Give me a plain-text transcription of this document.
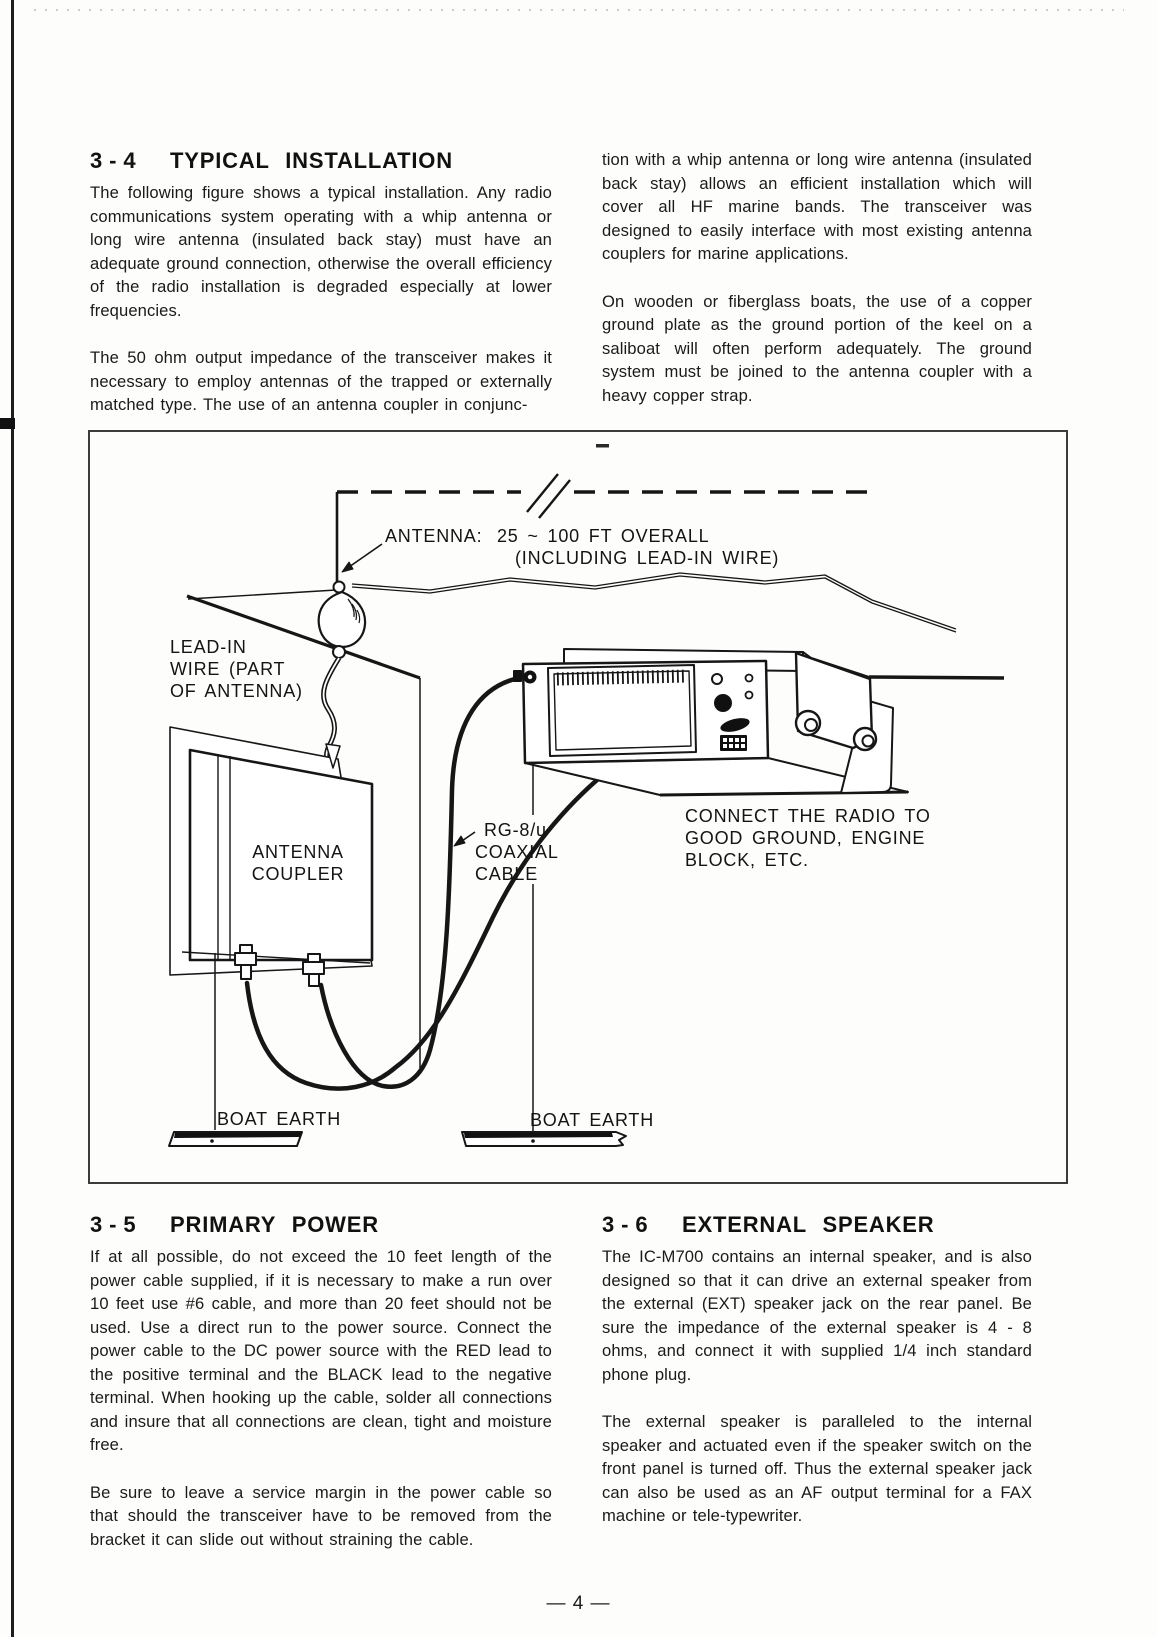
3 - 4 TYPICAL INSTALLATION

The following figure shows a typical installation. Any radio communications system operating with a whip antenna or long wire antenna (insulated back stay) must have an adequate ground connection, otherwise the overall efficiency of the radio installation is degraded especially at lower frequencies.

The 50 ohm output impedance of the transceiver makes it necessary to employ antennas of the trapped or externally matched type. The use of an antenna coupler in conjunc-

tion with a whip antenna or long wire antenna (insulated back stay) allows an efficient installation which will cover all HF marine bands. The transceiver was designed to easily interface with most existing antenna couplers for marine applications.

On wooden or fiberglass boats, the use of a copper ground plate as the ground portion of the keel on a saliboat will often perform adequately. The ground system must be joined to the antenna coupler with a heavy copper strap.

ANTENNA: 25 ~ 100 FT OVERALL
(INCLUDING LEAD-IN WIRE)
LEAD-IN
WIRE (PART
OF ANTENNA)
ANTENNA
COUPLER
RG-8/u
COAXIAL
CABLE
CONNECT THE RADIO TO
GOOD GROUND, ENGINE
BLOCK, ETC.
BOAT EARTH	BOAT EARTH
3 - 5 PRIMARY POWER

If at all possible, do not exceed the 10 feet length of the power cable supplied, if it is necessary to make a run over 10 feet use #6 cable, and more than 20 feet should not be used. Use a direct run to the power source. Connect the power cable to the DC power source with the RED lead to the positive terminal and the BLACK lead to the negative terminal. When hooking up the cable, solder all connections and insure that all connections are clean, tight and moisture free.

Be sure to leave a service margin in the power cable so that should the transceiver have to be removed from the bracket it can slide out without straining the cable.

3 - 6 EXTERNAL SPEAKER

The IC-M700 contains an internal speaker, and is also designed so that it can drive an external speaker from the external (EXT) speaker jack on the rear panel. Be sure the impedance of the external speaker is 4 - 8 ohms, and connect it with supplied 1/4 inch standard phone plug.

The external speaker is paralleled to the internal speaker and actuated even if the speaker switch on the front panel is turned off. Thus the external speaker jack can also be used as an AF output terminal for a FAX machine or tele-typewriter.

— 4 —
